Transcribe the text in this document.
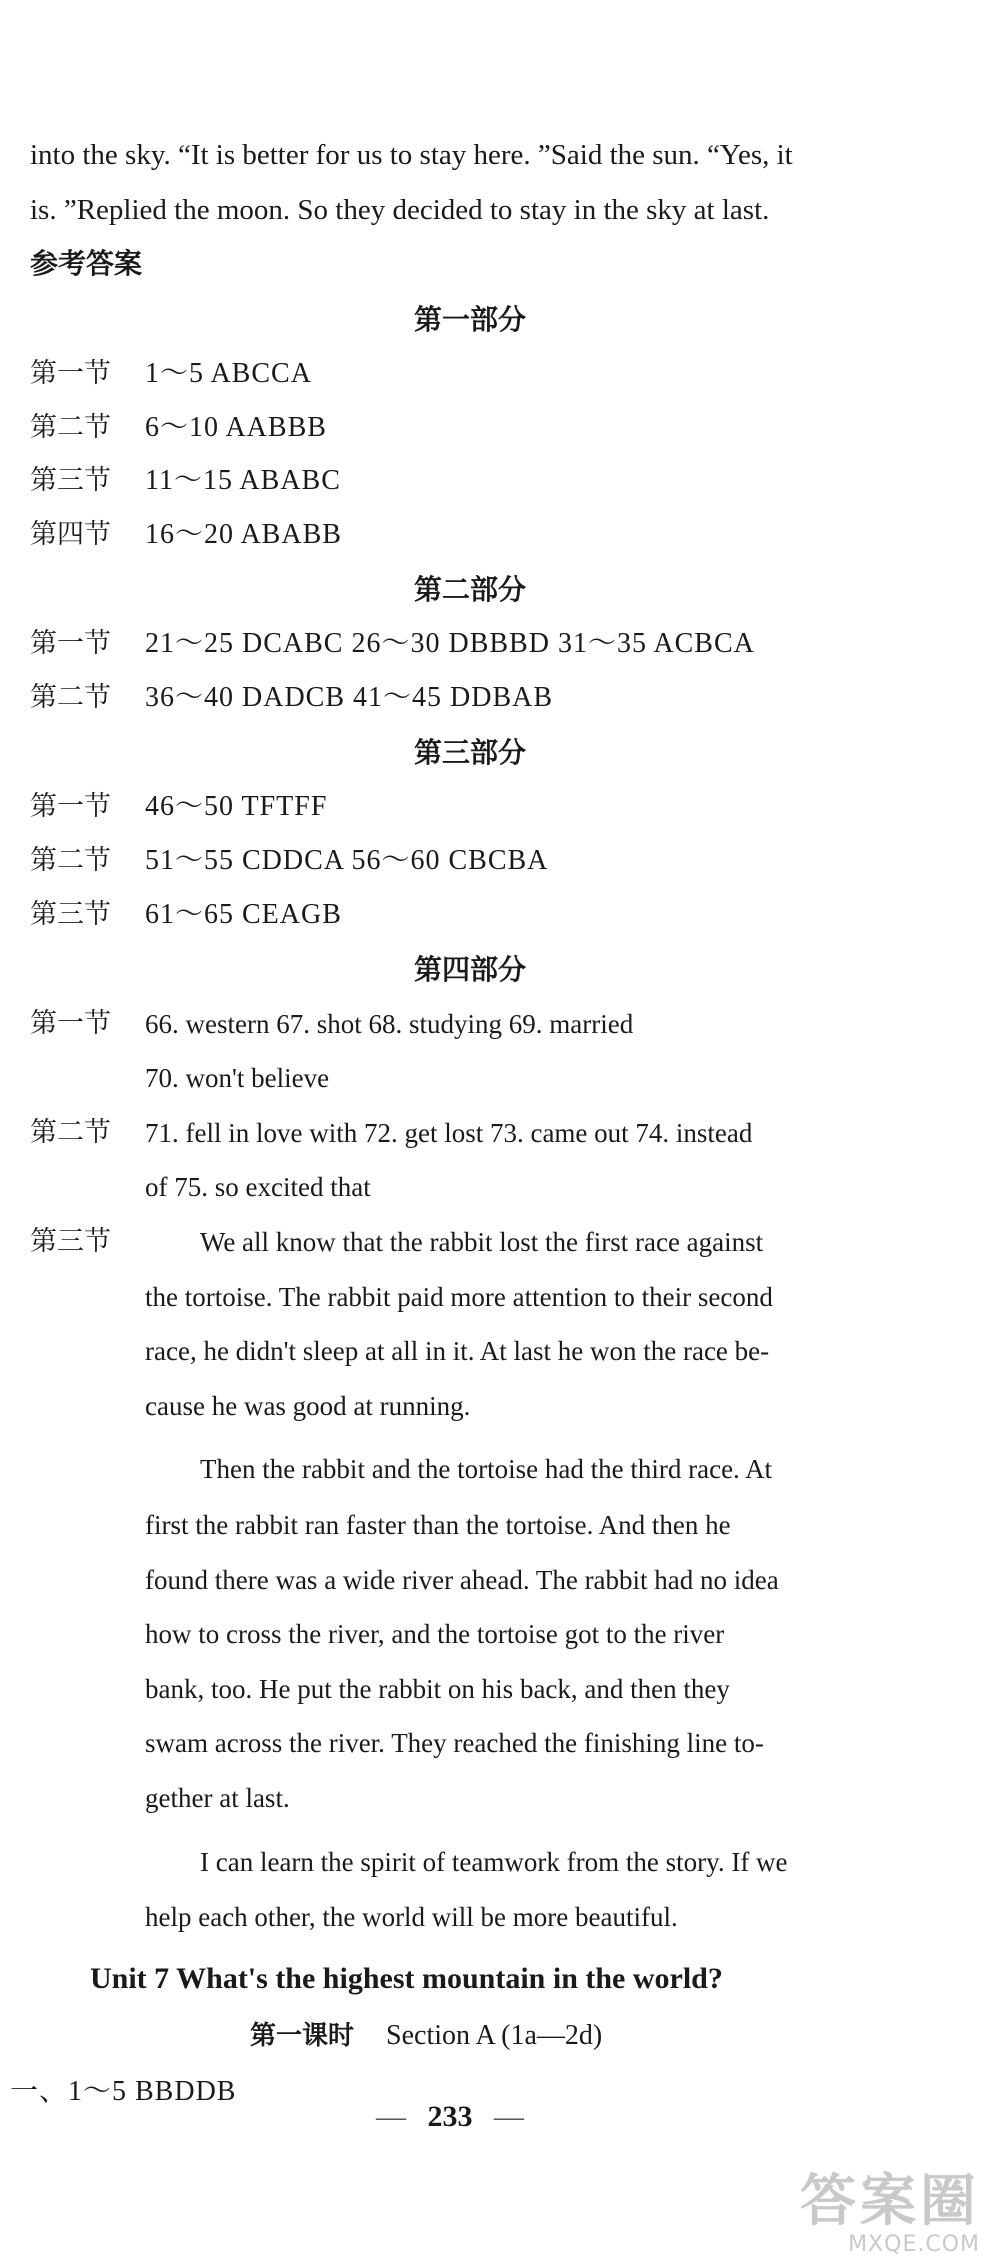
into the sky. “It is better for us to stay here. ”Said the sun. “Yes, it
is. ”Replied the moon. So they decided to stay in the sky at last.
参考答案
第一部分
第一节 1～5 ABCCA
第二节 6～10 AABBB
第三节 11～15 ABABC
第四节 16～20 ABABB
第二部分
第一节 21～25 DCABC 26～30 DBBBD 31～35 ACBCA
第二节 36～40 DADCB 41～45 DDBAB
第三部分
第一节 46～50 TFTFF
第二节 51～55 CDDCA 56～60 CBCBA
第三节 61～65 CEAGB
第四部分
第一节 66. western 67. shot 68. studying 69. married
70. won't believe
第二节 71. fell in love with 72. get lost 73. came out 74. instead
of 75. so excited that
第三节	We all know that the rabbit lost the first race against
the tortoise. The rabbit paid more attention to their second
race, he didn't sleep at all in it. At last he won the race be-
cause he was good at running.
Then the rabbit and the tortoise had the third race. At
first the rabbit ran faster than the tortoise. And then he
found there was a wide river ahead. The rabbit had no idea
how to cross the river, and the tortoise got to the river
bank, too. He put the rabbit on his back, and then they
swam across the river. They reached the finishing line to-
gether at last.
I can learn the spirit of teamwork from the story. If we
help each other, the world will be more beautiful.
Unit 7 What's the highest mountain in the world?
第一课时 Section A (1a—2d)
一、1～5 BBDDB
— 233 —
答案圈
MXQE.COM
